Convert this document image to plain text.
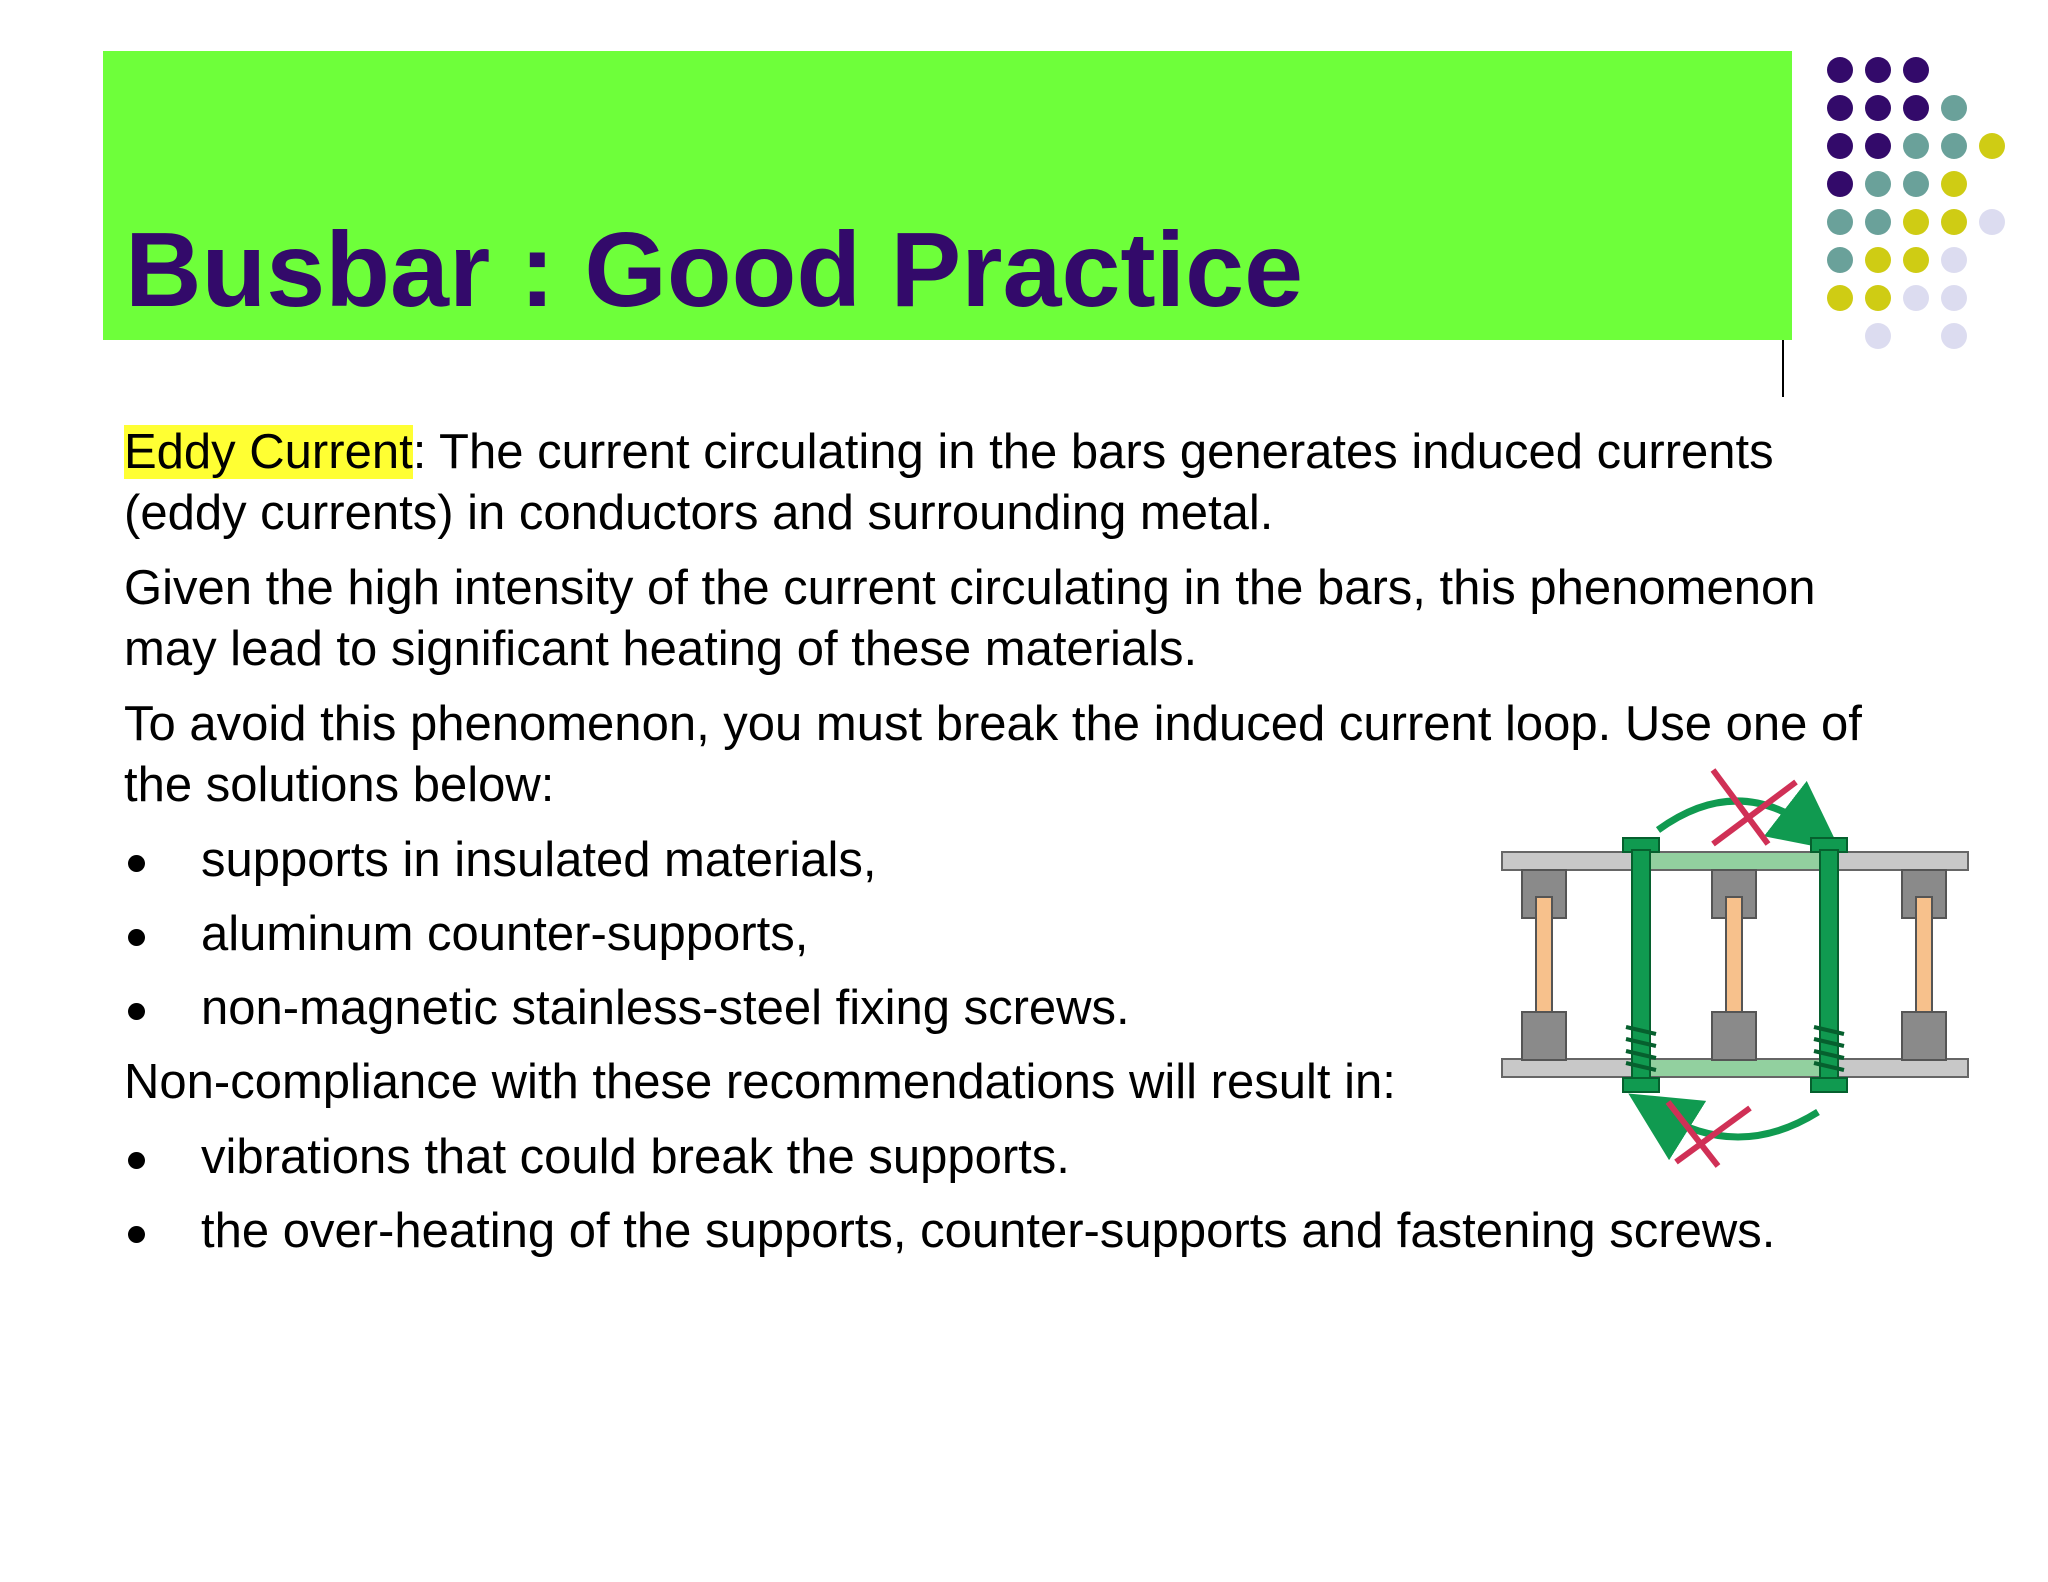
Busbar : Good Practice

Eddy Current: The current circulating in the bars generates induced currents (eddy currents) in conductors and surrounding metal.

Given the high intensity of the current circulating in the bars, this phenomenon may lead to significant heating of these materials.

To avoid this phenomenon, you must break the induced current loop. Use one of the solutions below:

supports in insulated materials,
aluminum counter-supports,
non-magnetic stainless-steel fixing screws.

Non-compliance with these recommendations will result in:

vibrations that could break the supports.
the over-heating of the supports, counter-supports and fastening screws.
